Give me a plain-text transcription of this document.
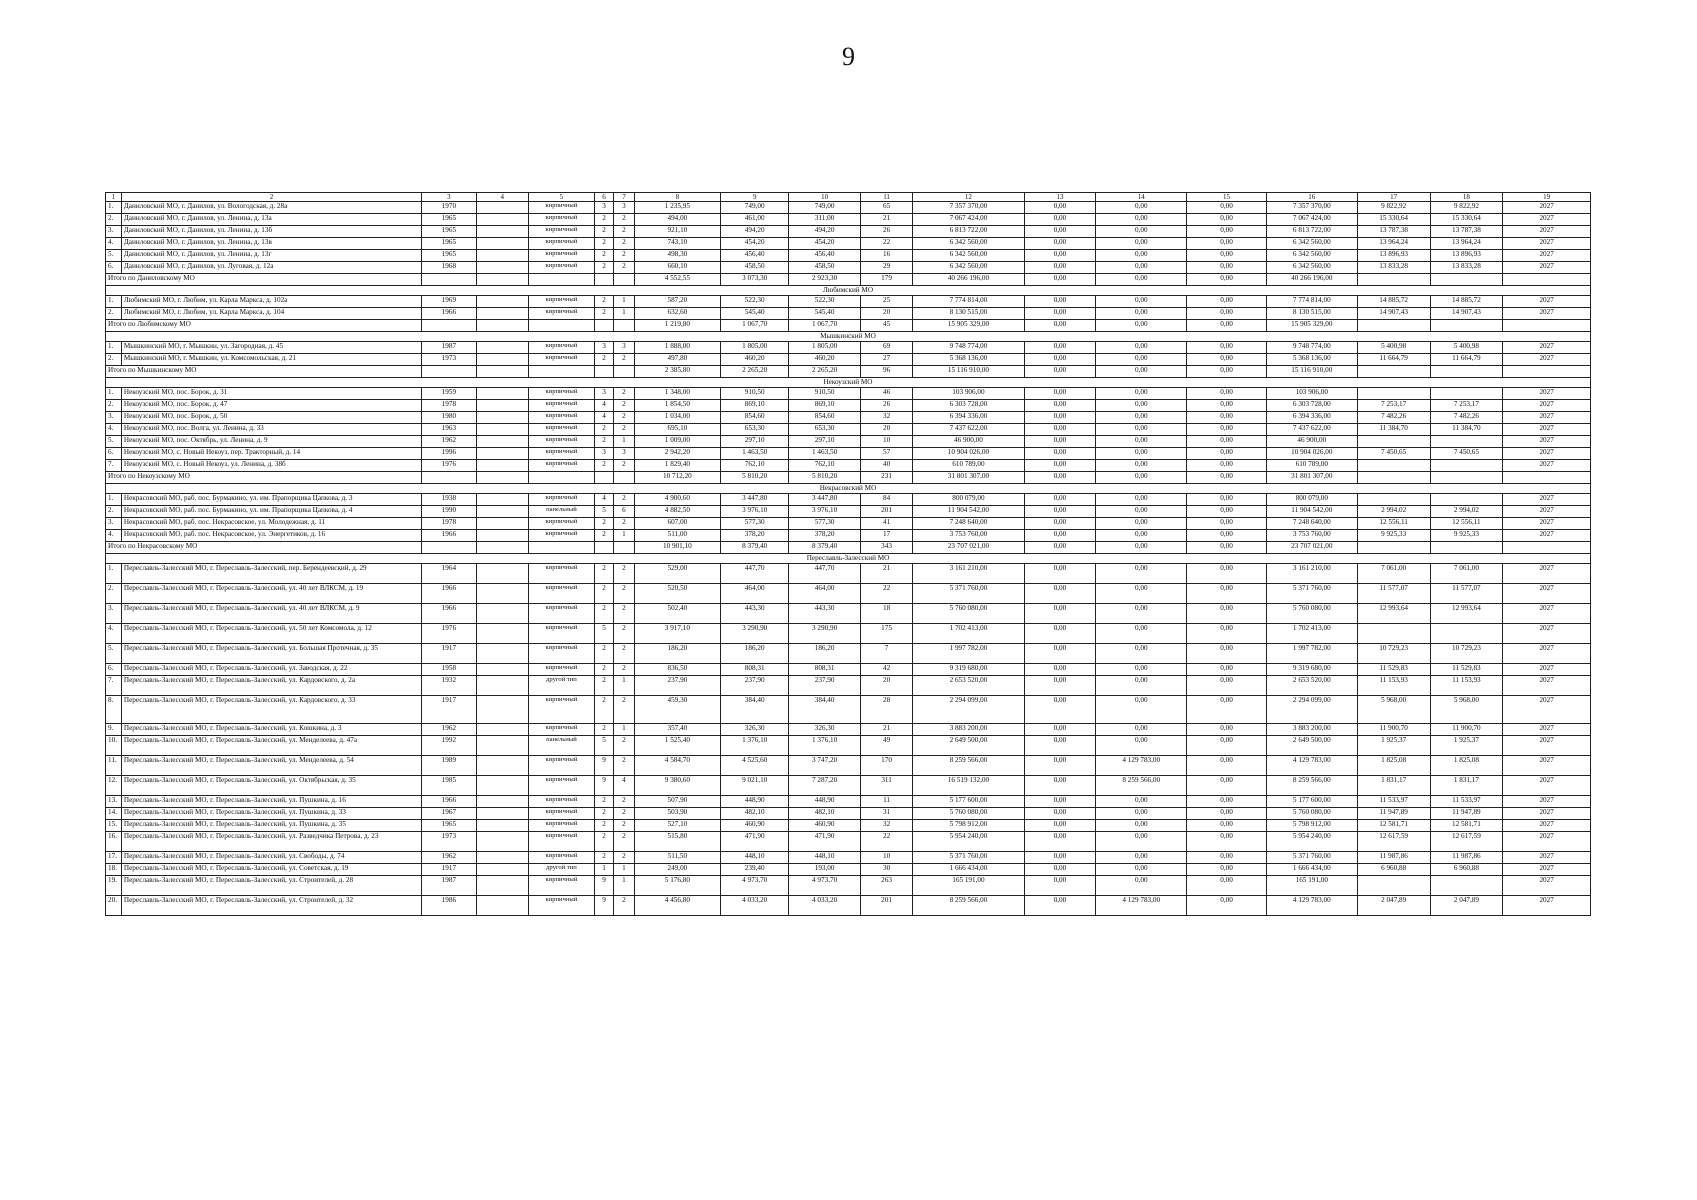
9
1	2	3	4	5	6	7	8	9	10	11	12	13	14	15	16	17	18	19
1.	Даниловский МО, г. Данилов, ул. Вологодская, д. 28а	1970		кирпичный	3	3	1 235,95	749,00	749,00	65	7 357 370,00	0,00	0,00	0,00	7 357 370,00	9 822,92	9 822,92	2027
2.	Даниловский МО, г. Данилов, ул. Ленина, д. 13а	1965		кирпичный	2	2	494,00	461,00	311,00	21	7 067 424,00	0,00	0,00	0,00	7 067 424,00	15 330,64	15 330,64	2027
3.	Даниловский МО, г. Данилов, ул. Ленина, д. 13б	1965		кирпичный	2	2	921,10	494,20	494,20	26	6 813 722,00	0,00	0,00	0,00	6 813 722,00	13 787,38	13 787,38	2027
4.	Даниловский МО, г. Данилов, ул. Ленина, д. 13в	1965		кирпичный	2	2	743,10	454,20	454,20	22	6 342 560,00	0,00	0,00	0,00	6 342 560,00	13 964,24	13 964,24	2027
5.	Даниловский МО, г. Данилов, ул. Ленина, д. 13г	1965		кирпичный	2	2	498,30	456,40	456,40	16	6 342 560,00	0,00	0,00	0,00	6 342 560,00	13 896,93	13 896,93	2027
6.	Даниловский МО, г. Данилов, ул. Луговая, д. 12а	1968		кирпичный	2	2	660,10	458,50	458,50	29	6 342 560,00	0,00	0,00	0,00	6 342 560,00	13 833,28	13 833,28	2027
Итого по Даниловскому МО							4 552,55	3 073,30	2 923,30	179	40 266 196,00	0,00	0,00	0,00	40 266 196,00			
Любимский МО																		
1.	Любимский МО, г. Любим, ул. Карла Маркса, д. 102а	1969		кирпичный	2	1	587,20	522,30	522,30	25	7 774 814,00	0,00	0,00	0,00	7 774 814,00	14 885,72	14 885,72	2027
2.	Любимский МО, г. Любим, ул. Карла Маркса, д. 104	1966		кирпичный	2	1	632,60	545,40	545,40	20	8 130 515,00	0,00	0,00	0,00	8 130 515,00	14 907,43	14 907,43	2027
Итого по Любимскому МО							1 219,80	1 067,70	1 067,70	45	15 905 329,00	0,00	0,00	0,00	15 905 329,00			
Мышкинский МО																		
1.	Мышкинский МО, г. Мышкин, ул. Загородная, д. 45	1987		кирпичный	3	3	1 888,00	1 805,00	1 805,00	69	9 748 774,00	0,00	0,00	0,00	9 748 774,00	5 400,98	5 400,98	2027
2.	Мышкинский МО, г. Мышкин, ул. Комсомольская, д. 21	1973		кирпичный	2	2	497,80	460,20	460,20	27	5 368 136,00	0,00	0,00	0,00	5 368 136,00	11 664,79	11 664,79	2027
Итого по Мышкинскому МО							2 385,80	2 265,20	2 265,20	96	15 116 910,00	0,00	0,00	0,00	15 116 910,00			
Некоузский МО																		
1.	Некоузский МО, пос. Борок, д. 31	1959		кирпичный	3	2	1 348,00	910,50	910,50	46	103 906,00	0,00	0,00	0,00	103 906,00			2027
2.	Некоузский МО, пос. Борок, д. 47	1978		кирпичный	4	2	1 854,50	869,10	869,10	26	6 303 728,00	0,00	0,00	0,00	6 303 728,00	7 253,17	7 253,17	2027
3.	Некоузский МО, пос. Борок, д. 50	1980		кирпичный	4	2	1 034,00	854,60	854,60	32	6 394 336,00	0,00	0,00	0,00	6 394 336,00	7 482,26	7 482,26	2027
4.	Некоузский МО, пос. Волга, ул. Ленина, д. 33	1963		кирпичный	2	2	695,10	653,30	653,30	20	7 437 622,00	0,00	0,00	0,00	7 437 622,00	11 384,70	11 384,70	2027
5.	Некоузский МО, пос. Октябрь, ул. Ленина, д. 9	1962		кирпичный	2	1	1 009,00	297,10	297,10	10	46 900,00	0,00	0,00	0,00	46 900,00			2027
6.	Некоузский МО, с. Новый Некоуз, пер. Тракторный, д. 14	1996		кирпичный	3	3	2 942,20	1 463,50	1 463,50	57	10 904 026,00	0,00	0,00	0,00	10 904 026,00	7 450,65	7 450,65	2027
7.	Некоузский МО, с. Новый Некоуз, ул. Ленина, д. 38б	1976		кирпичный	2	2	1 829,40	762,10	762,10	40	610 789,00	0,00	0,00	0,00	610 789,00			2027
Итого по Некоузскому МО							10 712,20	5 810,20	5 810,20	231	31 801 307,00	0,00	0,00	0,00	31 801 307,00			
Некрасовский МО																		
1.	Некрасовский МО, раб. пос. Бурмакино, ул. им. Прапорщика Цапкова, д. 3	1938		кирпичный	4	2	4 900,60	3 447,80	3 447,80	84	800 079,00	0,00	0,00	0,00	800 079,00			2027
2.	Некрасовский МО, раб. пос. Бурмакино, ул. им. Прапорщика Цапкова, д. 4	1990		панельный	5	6	4 882,50	3 976,10	3 976,10	201	11 904 542,00	0,00	0,00	0,00	11 904 542,00	2 994,02	2 994,02	2027
3.	Некрасовский МО, раб. пос. Некрасовское, ул. Молодежная, д. 11	1978		кирпичный	2	2	607,00	577,30	577,30	41	7 248 640,00	0,00	0,00	0,00	7 248 640,00	12 556,11	12 556,11	2027
4.	Некрасовский МО, раб. пос. Некрасовское, ул. Энергетиков, д. 16	1966		кирпичный	2	1	511,00	378,20	378,20	17	3 753 760,00	0,00	0,00	0,00	3 753 760,00	9 925,33	9 925,33	2027
Итого по Некрасовскому МО							10 901,10	8 379,40	8 379,40	343	23 707 021,00	0,00	0,00	0,00	23 707 021,00			
Переславль-Залесский МО																		
1.	Переславль-Залесский МО, г. Переславль-Залесский, пер. Берендеевский, д. 29	1964		кирпичный	2	2	529,00	447,70	447,70	21	3 161 210,00	0,00	0,00	0,00	3 161 210,00	7 061,00	7 061,00	2027
2.	Переславль-Залесский МО, г. Переславль-Залесский, ул. 40 лет ВЛКСМ, д. 19	1966		кирпичный	2	2	520,50	464,00	464,00	22	5 371 760,00	0,00	0,00	0,00	5 371 760,00	11 577,07	11 577,07	2027
3.	Переславль-Залесский МО, г. Переславль-Залесский, ул. 40 лет ВЛКСМ, д. 9	1966		кирпичный	2	2	502,40	443,30	443,30	18	5 760 080,00	0,00	0,00	0,00	5 760 080,00	12 993,64	12 993,64	2027
4.	Переславль-Залесский МО, г. Переславль-Залесский, ул. 50 лет Комсомола, д. 12	1976		кирпичный	5	2	3 917,10	3 290,90	3 290,90	175	1 702 413,00	0,00	0,00	0,00	1 702 413,00			2027
5.	Переславль-Залесский МО, г. Переславль-Залесский, ул. Большая Протечная, д. 35	1917		кирпичный	2	2	186,20	186,20	186,20	7	1 997 782,00	0,00	0,00	0,00	1 997 782,00	10 729,23	10 729,23	2027
6.	Переславль-Залесский МО, г. Переславль-Залесский, ул. Заводская, д. 22	1958		кирпичный	2	2	836,50	808,31	808,31	42	9 319 680,00	0,00	0,00	0,00	9 319 680,00	11 529,83	11 529,83	2027
7.	Переславль-Залесский МО, г. Переславль-Залесский, ул. Кардовского, д. 2а	1932		другой тип	2	1	237,90	237,90	237,90	20	2 653 520,00	0,00	0,00	0,00	2 653 520,00	11 153,93	11 153,93	2027
8.	Переславль-Залесский МО, г. Переславль-Залесский, ул. Кардовского, д. 33	1917		кирпичный	2	2	459,30	384,40	384,40	28	2 294 099,00	0,00	0,00	0,00	2 294 099,00	5 968,00	5 968,00	2027
9.	Переславль-Залесский МО, г. Переславль-Залесский, ул. Кошкина, д. 3	1962		кирпичный	2	1	357,40	326,30	326,30	21	3 883 200,00	0,00	0,00	0,00	3 883 200,00	11 900,70	11 900,70	2027
10.	Переславль-Залесский МО, г. Переславль-Залесский, ул. Менделеева, д. 47а	1992		панельный	5	2	1 525,40	1 376,10	1 376,10	49	2 649 500,00	0,00	0,00	0,00	2 649 500,00	1 925,37	1 925,37	2027
11.	Переславль-Залесский МО, г. Переславль-Залесский, ул. Менделеева, д. 54	1989		кирпичный	9	2	4 584,70	4 525,60	3 747,20	170	8 259 566,00	0,00	4 129 783,00	0,00	4 129 783,00	1 825,08	1 825,08	2027
12.	Переславль-Залесский МО, г. Переславль-Залесский, ул. Октябрьская, д. 35	1985		кирпичный	9	4	9 380,60	9 021,10	7 287,20	311	16 519 132,00	0,00	8 259 566,00	0,00	8 259 566,00	1 831,17	1 831,17	2027
13.	Переславль-Залесский МО, г. Переславль-Залесский, ул. Пушкина, д. 16	1966		кирпичный	2	2	507,90	448,90	448,90	11	5 177 600,00	0,00	0,00	0,00	5 177 600,00	11 533,97	11 533,97	2027
14.	Переславль-Залесский МО, г. Переславль-Залесский, ул. Пушкина, д. 33	1967		кирпичный	2	2	503,90	482,10	482,10	31	5 760 080,00	0,00	0,00	0,00	5 760 080,00	11 947,89	11 947,89	2027
15.	Переславль-Залесский МО, г. Переславль-Залесский, ул. Пушкина, д. 35	1965		кирпичный	2	2	527,10	460,90	460,90	32	5 798 912,00	0,00	0,00	0,00	5 798 912,00	12 581,71	12 581,71	2027
16.	Переславль-Залесский МО, г. Переславль-Залесский, ул. Разведчика Петрова, д. 23	1973		кирпичный	2	2	515,80	471,90	471,90	22	5 954 240,00	0,00	0,00	0,00	5 954 240,00	12 617,59	12 617,59	2027
17.	Переславль-Залесский МО, г. Переславль-Залесский, ул. Свободы, д. 74	1962		кирпичный	2	2	511,50	448,10	448,10	10	5 371 760,00	0,00	0,00	0,00	5 371 760,00	11 987,86	11 987,86	2027
18.	Переславль-Залесский МО, г. Переславль-Залесский, ул. Советская, д. 19	1917		другой тип	1	1	249,00	239,40	193,00	30	1 666 434,00	0,00	0,00	0,00	1 666 434,00	6 960,88	6 960,88	2027
19.	Переславль-Залесский МО, г. Переславль-Залесский, ул. Строителей, д. 28	1987		кирпичный	9	1	5 176,80	4 973,70	4 973,70	263	165 191,00	0,00	0,00	0,00	165 191,00			2027
20.	Переславль-Залесский МО, г. Переславль-Залесский, ул. Строителей, д. 32	1986		кирпичный	9	2	4 456,80	4 033,20	4 033,20	201	8 259 566,00	0,00	4 129 783,00	0,00	4 129 783,00	2 047,89	2 047,89	2027
